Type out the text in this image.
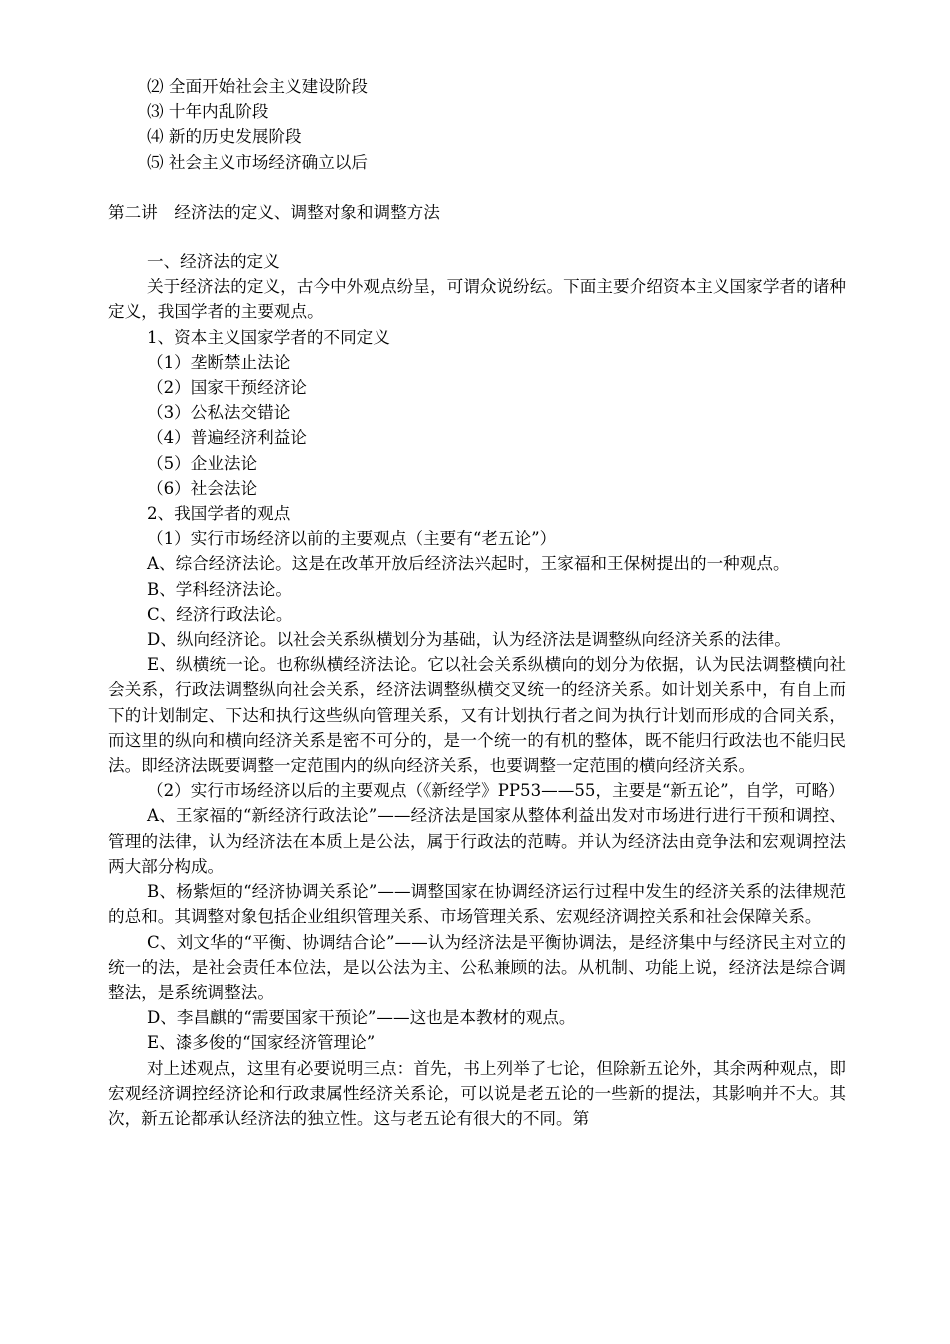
⑵ 全面开始社会主义建设阶段
⑶ 十年内乱阶段
⑷ 新的历史发展阶段
⑸ 社会主义市场经济确立以后
第二讲　经济法的定义、调整对象和调整方法
一、经济法的定义
关于经济法的定义，古今中外观点纷呈，可谓众说纷纭。下面主要介绍资本主义国家学者的诸种定义，我国学者的主要观点。
1、资本主义国家学者的不同定义
（1）垄断禁止法论
（2）国家干预经济论
（3）公私法交错论
（4）普遍经济利益论
（5）企业法论
（6）社会法论
2、我国学者的观点
（1）实行市场经济以前的主要观点（主要有“老五论”）
A、综合经济法论。这是在改革开放后经济法兴起时，王家福和王保树提出的一种观点。
B、学科经济法论。
C、经济行政法论。
D、纵向经济论。以社会关系纵横划分为基础，认为经济法是调整纵向经济关系的法律。
E、纵横统一论。也称纵横经济法论。它以社会关系纵横向的划分为依据，认为民法调整横向社会关系，行政法调整纵向社会关系，经济法调整纵横交叉统一的经济关系。如计划关系中，有自上而下的计划制定、下达和执行这些纵向管理关系，又有计划执行者之间为执行计划而形成的合同关系，而这里的纵向和横向经济关系是密不可分的，是一个统一的有机的整体，既不能归行政法也不能归民法。即经济法既要调整一定范围内的纵向经济关系，也要调整一定范围的横向经济关系。
（2）实行市场经济以后的主要观点（《新经学》PP53——55，主要是“新五论”，自学，可略）
A、王家福的“新经济行政法论”——经济法是国家从整体利益出发对市场进行进行干预和调控、管理的法律，认为经济法在本质上是公法，属于行政法的范畴。并认为经济法由竞争法和宏观调控法两大部分构成。
B、杨紫烜的“经济协调关系论”——调整国家在协调经济运行过程中发生的经济关系的法律规范的总和。其调整对象包括企业组织管理关系、市场管理关系、宏观经济调控关系和社会保障关系。
C、刘文华的“平衡、协调结合论”——认为经济法是平衡协调法，是经济集中与经济民主对立的统一的法，是社会责任本位法，是以公法为主、公私兼顾的法。从机制、功能上说，经济法是综合调整法，是系统调整法。
D、李昌麒的“需要国家干预论”——这也是本教材的观点。
E、漆多俊的“国家经济管理论”
对上述观点，这里有必要说明三点：首先，书上列举了七论，但除新五论外，其余两种观点，即宏观经济调控经济论和行政隶属性经济关系论，可以说是老五论的一些新的提法，其影响并不大。其次，新五论都承认经济法的独立性。这与老五论有很大的不同。第
